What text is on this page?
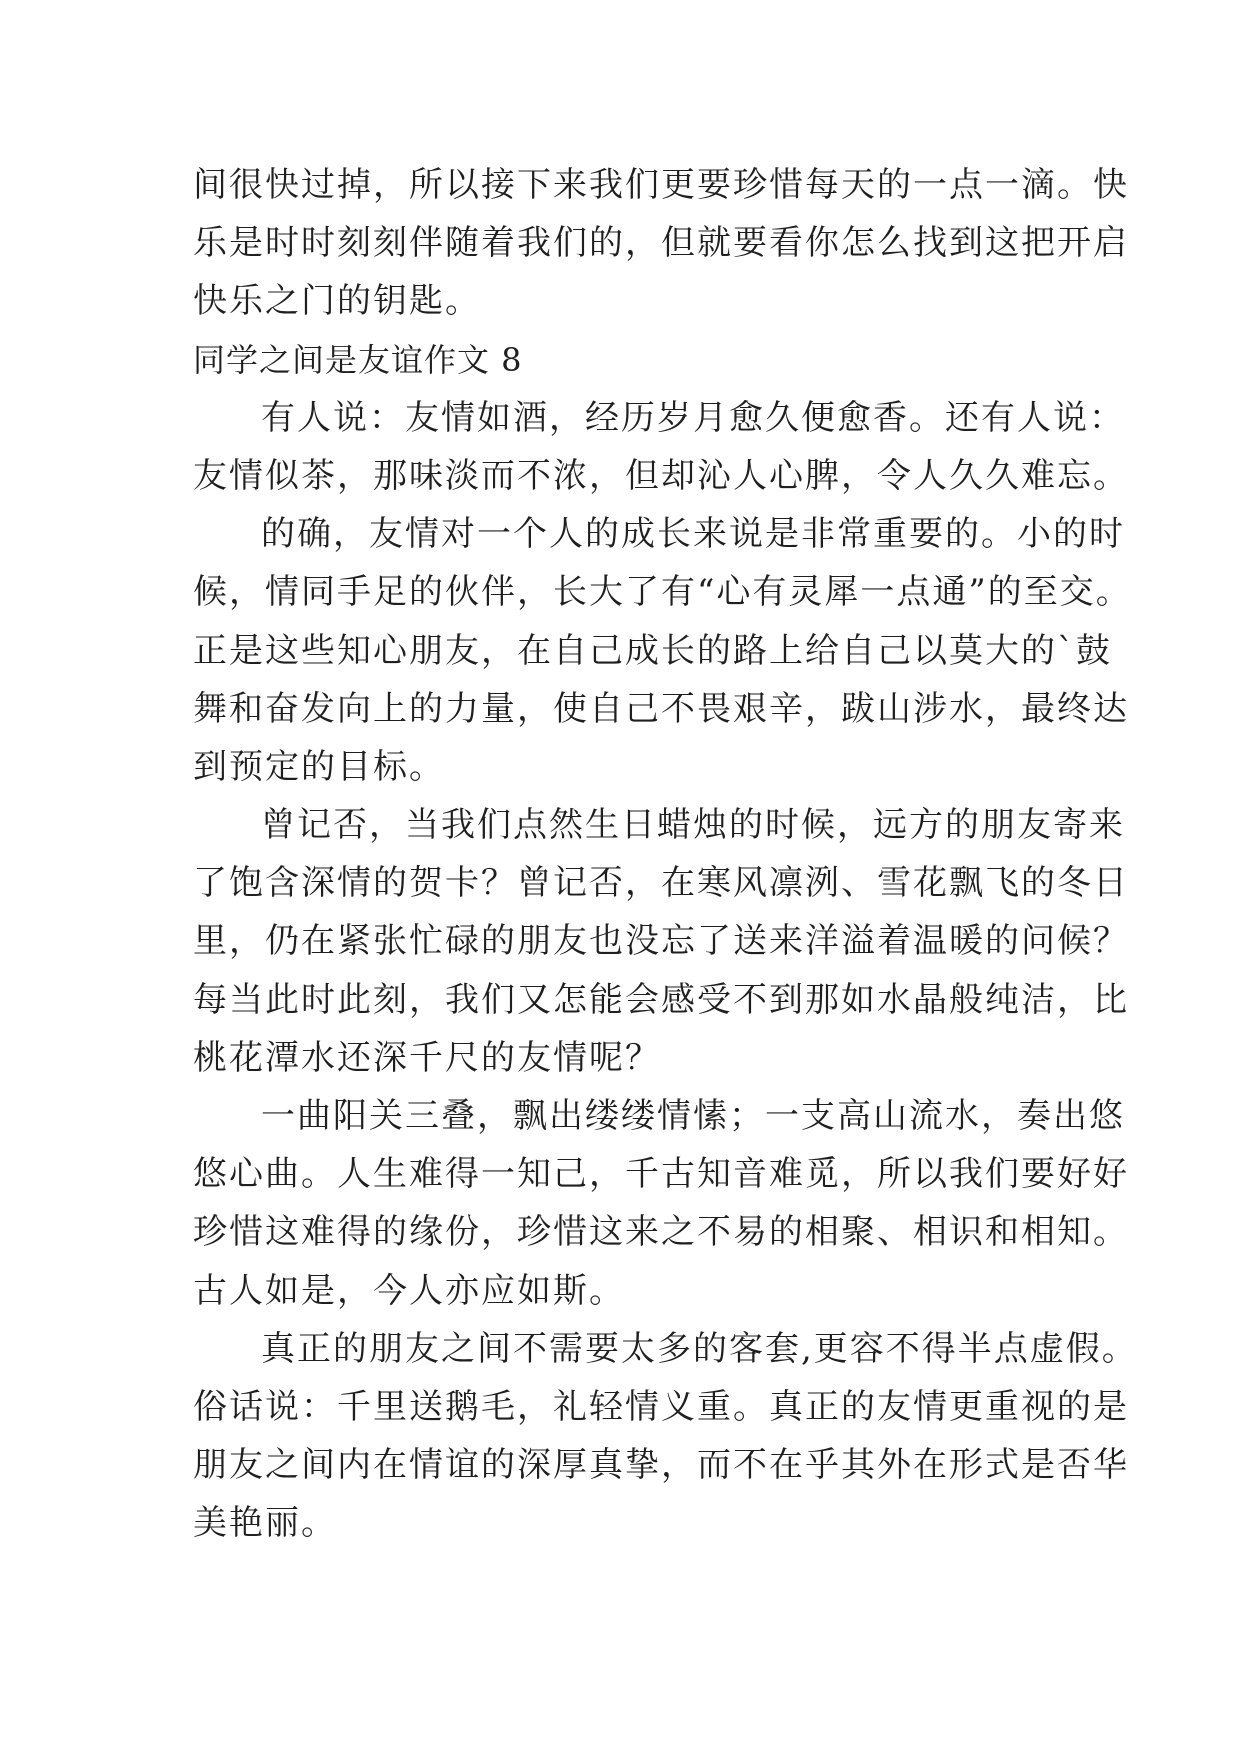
间很快过掉，所以接下来我们更要珍惜每天的一点一滴。快
乐是时时刻刻伴随着我们的，但就要看你怎么找到这把开启
快乐之门的钥匙。
同学之间是友谊作文 8
有人说：友情如酒，经历岁月愈久便愈香。还有人说：
友情似茶，那味淡而不浓，但却沁人心脾，令人久久难忘。
的确，友情对一个人的成长来说是非常重要的。小的时
候，情同手足的伙伴，长大了有“心有灵犀一点通”的至交。
正是这些知心朋友，在自己成长的路上给自己以莫大的`鼓
舞和奋发向上的力量，使自己不畏艰辛，跋山涉水，最终达
到预定的目标。
曾记否，当我们点然生日蜡烛的时候，远方的朋友寄来
了饱含深情的贺卡？曾记否，在寒风凛洌、雪花飘飞的冬日
里，仍在紧张忙碌的朋友也没忘了送来洋溢着温暖的问候？
每当此时此刻，我们又怎能会感受不到那如水晶般纯洁，比
桃花潭水还深千尺的友情呢？
一曲阳关三叠，飘出缕缕情愫；一支高山流水，奏出悠
悠心曲。人生难得一知己，千古知音难觅，所以我们要好好
珍惜这难得的缘份，珍惜这来之不易的相聚、相识和相知。
古人如是，今人亦应如斯。
真正的朋友之间不需要太多的客套,更容不得半点虚假。
俗话说：千里送鹅毛，礼轻情义重。真正的友情更重视的是
朋友之间内在情谊的深厚真挚，而不在乎其外在形式是否华
美艳丽。
